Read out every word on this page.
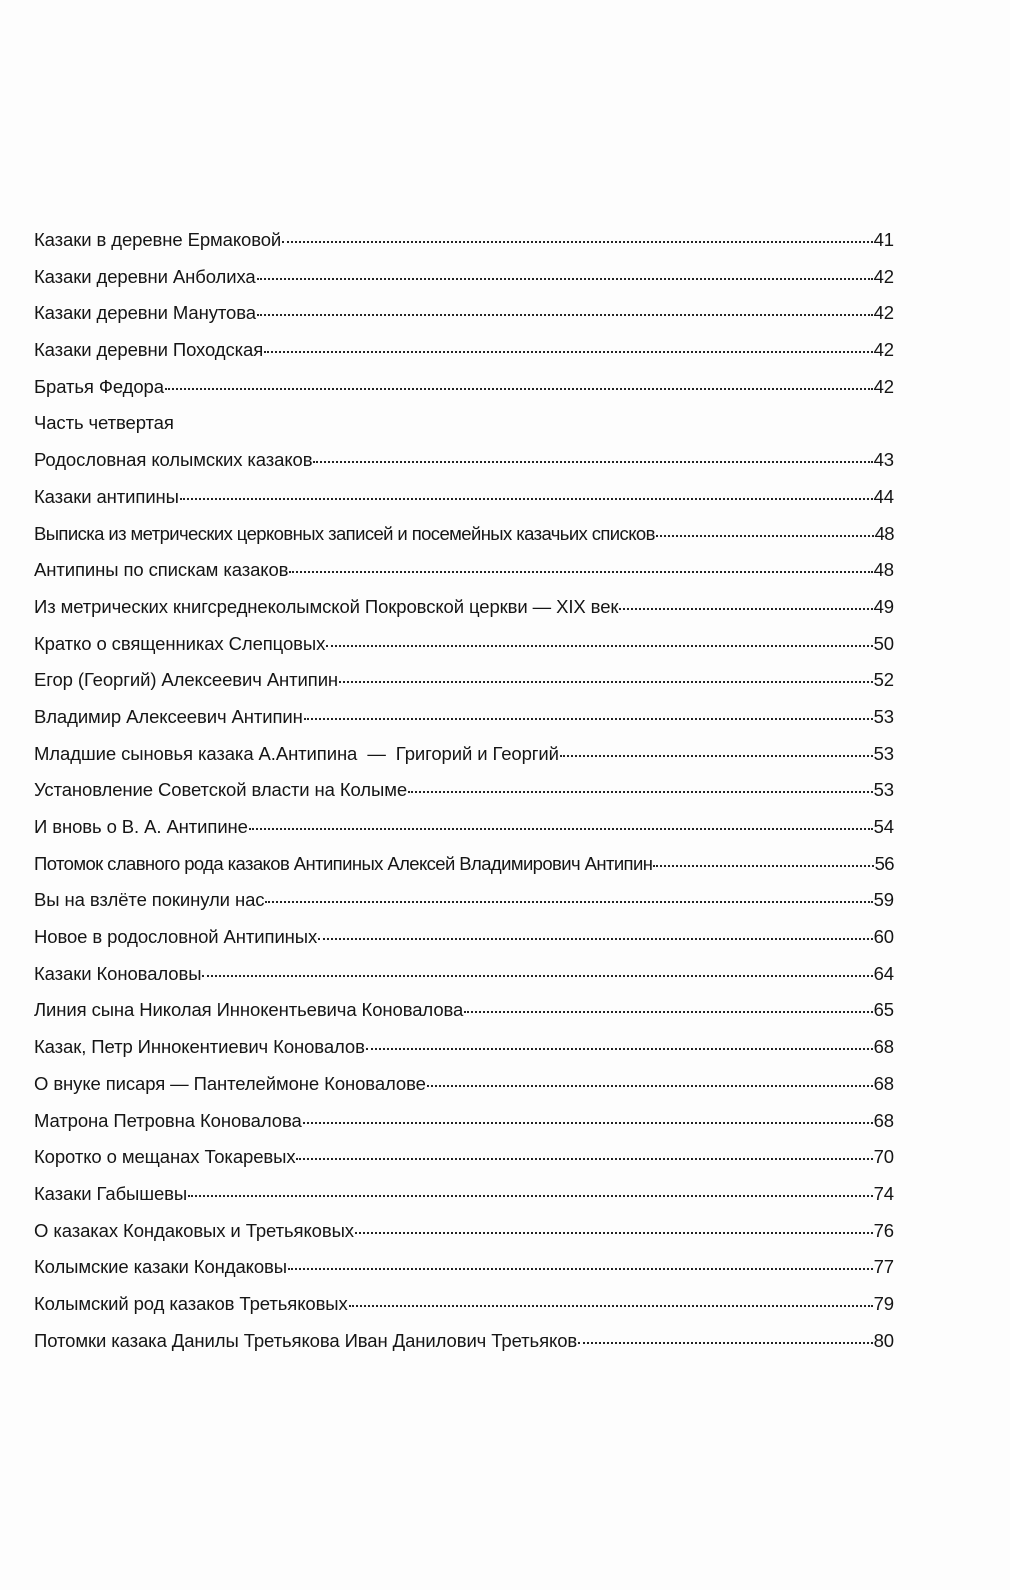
Казаки в деревне Ермаковой	41
Казаки деревни Анболиха	42
Казаки деревни Манутова	42
Казаки деревни Походская	42
Братья Федора	42
Часть четвертая
Родословная колымских казаков	43
Казаки антипины	44
Выписка из метрических церковных записей и посемейных казачьих списков	48
Антипины по спискам казаков	48
Из метрических книгсреднеколымской Покровской церкви — XIX век	49
Кратко о священниках Слепцовых	50
Егор (Георгий) Алексеевич Антипин	52
Владимир Алексеевич Антипин	53
Младшие сыновья казака А.Антипина  —  Григорий и Георгий	53
Установление Советской власти на Колыме	53
И вновь о В. А. Антипине	54
Потомок славного рода казаков Антипиных Алексей Владимирович Антипин	56
Вы на взлёте покинули нас	59
Новое в родословной Антипиных	60
Казаки Коноваловы	64
Линия сына Николая Иннокентьевича Коновалова	65
Казак, Петр Иннокентиевич Коновалов	68
О внуке писаря — Пантелеймоне Коновалове	68
Матрона Петровна Коновалова	68
Коротко о мещанах Токаревых	70
Казаки Габышевы	74
О казаках Кондаковых и Третьяковых	76
Колымские казаки Кондаковы	77
Колымский род казаков Третьяковых	79
Потомки казака Данилы Третьякова Иван Данилович Третьяков	80
